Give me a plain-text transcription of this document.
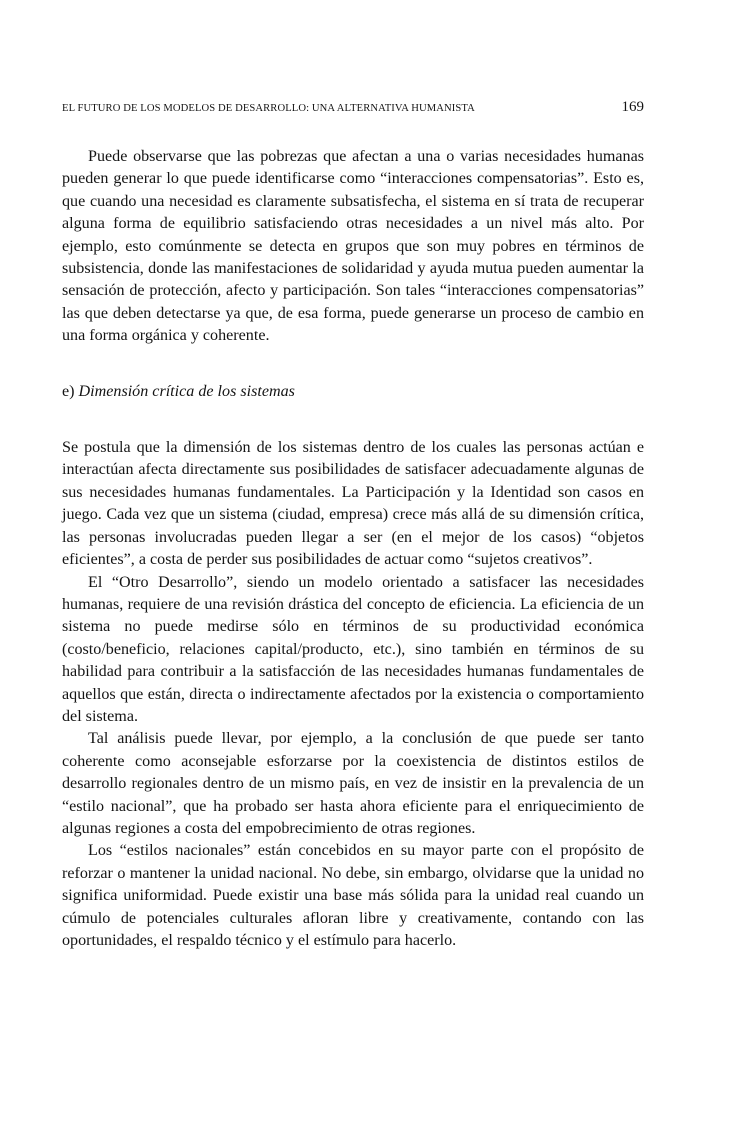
EL FUTURO DE LOS MODELOS DE DESARROLLO: UNA ALTERNATIVA HUMANISTA	169

Puede observarse que las pobrezas que afectan a una o varias necesidades humanas pueden generar lo que puede identificarse como “interacciones compensatorias”. Esto es, que cuando una necesidad es claramente subsatisfecha, el sistema en sí trata de recuperar alguna forma de equilibrio satisfaciendo otras necesidades a un nivel más alto. Por ejemplo, esto comúnmente se detecta en grupos que son muy pobres en términos de subsistencia, donde las manifestaciones de solidaridad y ayuda mutua pueden aumentar la sensación de protección, afecto y participación. Son tales “interacciones compensatorias” las que deben detectarse ya que, de esa forma, puede generarse un proceso de cambio en una forma orgánica y coherente.

e) Dimensión crítica de los sistemas

Se postula que la dimensión de los sistemas dentro de los cuales las personas actúan e interactúan afecta directamente sus posibilidades de satisfacer adecuadamente algunas de sus necesidades humanas fundamentales. La Participación y la Identidad son casos en juego. Cada vez que un sistema (ciudad, empresa) crece más allá de su dimensión crítica, las personas involucradas pueden llegar a ser (en el mejor de los casos) “objetos eficientes”, a costa de perder sus posibilidades de actuar como “sujetos creativos”.

El “Otro Desarrollo”, siendo un modelo orientado a satisfacer las necesidades humanas, requiere de una revisión drástica del concepto de eficiencia. La eficiencia de un sistema no puede medirse sólo en términos de su productividad económica (costo/beneficio, relaciones capital/producto, etc.), sino también en términos de su habilidad para contribuir a la satisfacción de las necesidades humanas fundamentales de aquellos que están, directa o indirectamente afectados por la existencia o comportamiento del sistema.

Tal análisis puede llevar, por ejemplo, a la conclusión de que puede ser tanto coherente como aconsejable esforzarse por la coexistencia de distintos estilos de desarrollo regionales dentro de un mismo país, en vez de insistir en la prevalencia de un “estilo nacional”, que ha probado ser hasta ahora eficiente para el enriquecimiento de algunas regiones a costa del empobrecimiento de otras regiones.

Los “estilos nacionales” están concebidos en su mayor parte con el propósito de reforzar o mantener la unidad nacional. No debe, sin embargo, olvidarse que la unidad no significa uniformidad. Puede existir una base más sólida para la unidad real cuando un cúmulo de potenciales culturales afloran libre y creativamente, contando con las oportunidades, el respaldo técnico y el estímulo para hacerlo.
